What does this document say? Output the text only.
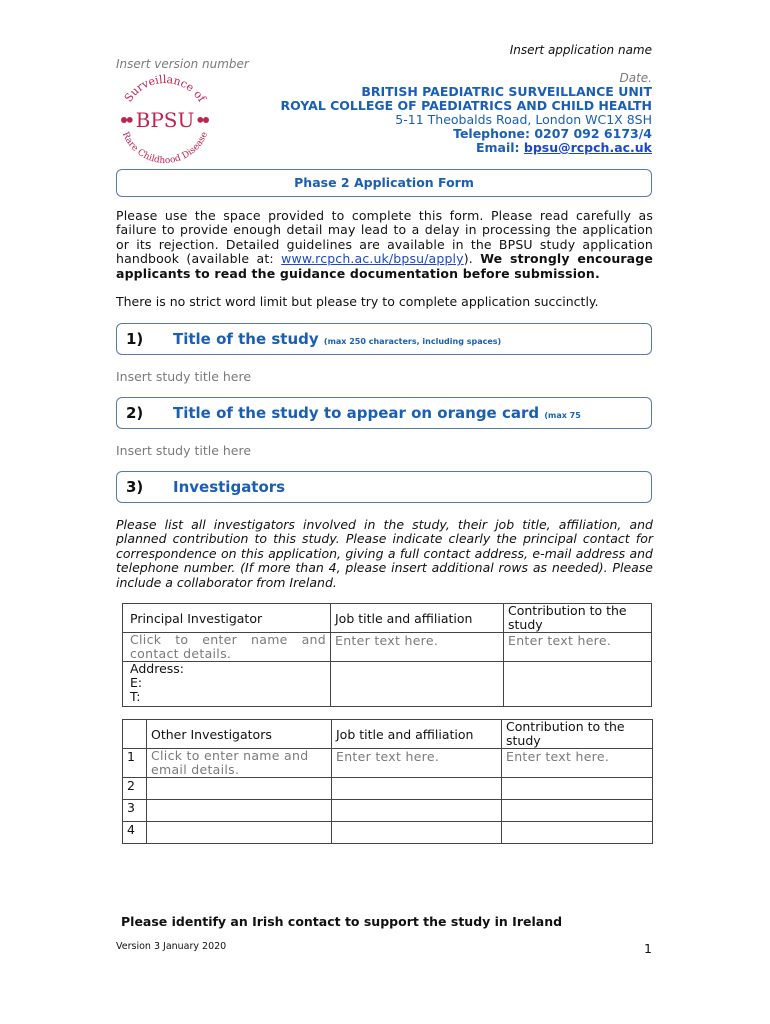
Insert application name
Insert version number
Date.
Surveillance of
Rare Childhood Disease
•BPSU•
BRITISH PAEDIATRIC SURVEILLANCE UNIT
ROYAL COLLEGE OF PAEDIATRICS AND CHILD HEALTH
5-11 Theobalds Road, London WC1X 8SH
Telephone: 0207 092 6173/4
Email: bpsu@rcpch.ac.uk
Phase 2 Application Form
Please use the space provided to complete this form. Please read carefully as failure to provide enough detail may lead to a delay in processing the application or its rejection. Detailed guidelines are available in the BPSU study application handbook (available at: www.rcpch.ac.uk/bpsu/apply). We strongly encourage applicants to read the guidance documentation before submission.
There is no strict word limit but please try to complete application succinctly.
1) Title of the study (max 250 characters, including spaces)
Insert study title here
2) Title of the study to appear on orange card (max 75
Insert study title here
3) Investigators
Please list all investigators involved in the study, their job title, affiliation, and planned contribution to this study. Please indicate clearly the principal contact for correspondence on this application, giving a full contact address, e-mail address and telephone number. (If more than 4, please insert additional rows as needed). Please include a collaborator from Ireland.
Principal Investigator	Job title and affiliation	Contribution to the study
Click to enter name and contact details.	Enter text here.	Enter text here.

Address:
E:
T:		

	Other Investigators	Job title and affiliation	Contribution to the study
1	Click to enter name and email details.	Enter text here.	Enter text here.
2			
3			
4			
Please identify an Irish contact to support the study in Ireland
Version 3 January 2020	1
